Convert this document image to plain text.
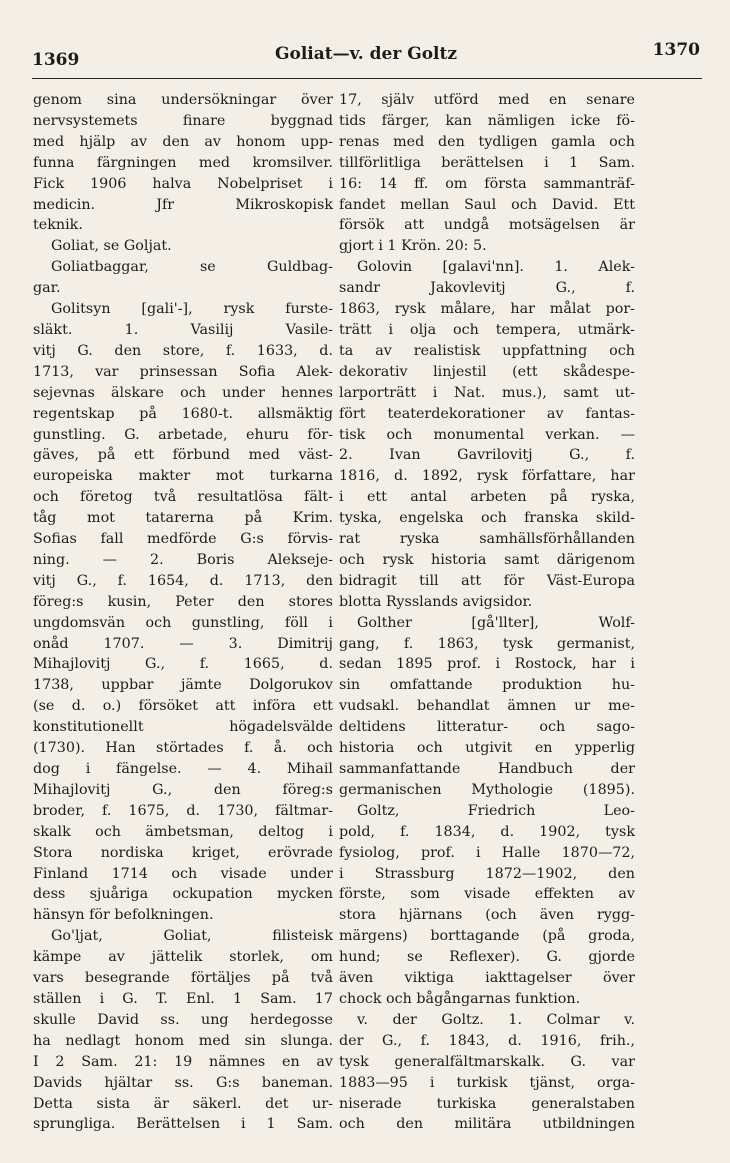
1369	Goliat—v. der Goltz	1370
genom sina undersökningar över
nervsystemets finare byggnad
med hjälp av den av honom upp-
funna färgningen med kromsilver.
Fick 1906 halva Nobelpriset i
medicin. Jfr Mikroskopisk
teknik.
Goliat, se Goljat.
Goliatbaggar, se Guldbag-
gar.
Golitsyn [gali'-], rysk furste-
släkt. 1. Vasilij Vasile-
vitj G. den store, f. 1633, d.
1713, var prinsessan Sofia Alek-
sejevnas älskare och under hennes
regentskap på 1680-t. allsmäktig
gunstling. G. arbetade, ehuru för-
gäves, på ett förbund med väst-
europeiska makter mot turkarna
och företog två resultatlösa fält-
tåg mot tatarerna på Krim.
Sofias fall medförde G:s förvis-
ning. — 2. Boris Alekseje-
vitj G., f. 1654, d. 1713, den
föreg:s kusin, Peter den stores
ungdomsvän och gunstling, föll i
onåd 1707. — 3. Dimitrij
Mihajlovitj G., f. 1665, d.
1738, uppbar jämte Dolgorukov
(se d. o.) försöket att införa ett
konstitutionellt högadelsvälde
(1730). Han störtades f. å. och
dog i fängelse. — 4. Mihail
Mihajlovitj G., den föreg:s
broder, f. 1675, d. 1730, fältmar-
skalk och ämbetsman, deltog i
Stora nordiska kriget, erövrade
Finland 1714 och visade under
dess sjuåriga ockupation mycken
hänsyn för befolkningen.
Go'ljat, Goliat, filisteisk
kämpe av jättelik storlek, om
vars besegrande förtäljes på två
ställen i G. T. Enl. 1 Sam. 17
skulle David ss. ung herdegosse
ha nedlagt honom med sin slunga.
I 2 Sam. 21: 19 nämnes en av
Davids hjältar ss. G:s baneman.
Detta sista är säkerl. det ur-
sprungliga. Berättelsen i 1 Sam.
17, själv utförd med en senare
tids färger, kan nämligen icke fö-
renas med den tydligen gamla och
tillförlitliga berättelsen i 1 Sam.
16: 14 ff. om första sammanträf-
fandet mellan Saul och David. Ett
försök att undgå motsägelsen är
gjort i 1 Krön. 20: 5.
Golovin [galavi'nn]. 1. Alek-
sandr Jakovlevitj G., f.
1863, rysk målare, har målat por-
trätt i olja och tempera, utmärk-
ta av realistisk uppfattning och
dekorativ linjestil (ett skådespe-
larporträtt i Nat. mus.), samt ut-
fört teaterdekorationer av fantas-
tisk och monumental verkan. —
2. Ivan Gavrilovitj G., f.
1816, d. 1892, rysk författare, har
i ett antal arbeten på ryska,
tyska, engelska och franska skild-
rat ryska samhällsförhållanden
och rysk historia samt därigenom
bidragit till att för Väst-Europa
blotta Rysslands avigsidor.
Golther [gå'llter], Wolf-
gang, f. 1863, tysk germanist,
sedan 1895 prof. i Rostock, har i
sin omfattande produktion hu-
vudsakl. behandlat ämnen ur me-
deltidens litteratur- och sago-
historia och utgivit en ypperlig
sammanfattande Handbuch der
germanischen Mythologie (1895).
Goltz, Friedrich Leo-
pold, f. 1834, d. 1902, tysk
fysiolog, prof. i Halle 1870—72,
i Strassburg 1872—1902, den
förste, som visade effekten av
stora hjärnans (och även rygg-
märgens) borttagande (på groda,
hund; se Reflexer). G. gjorde
även viktiga iakttagelser över
chock och bågångarnas funktion.
v. der Goltz. 1. Colmar v.
der G., f. 1843, d. 1916, frih.,
tysk generalfältmarskalk. G. var
1883—95 i turkisk tjänst, orga-
niserade turkiska generalstaben
och den militära utbildningen
